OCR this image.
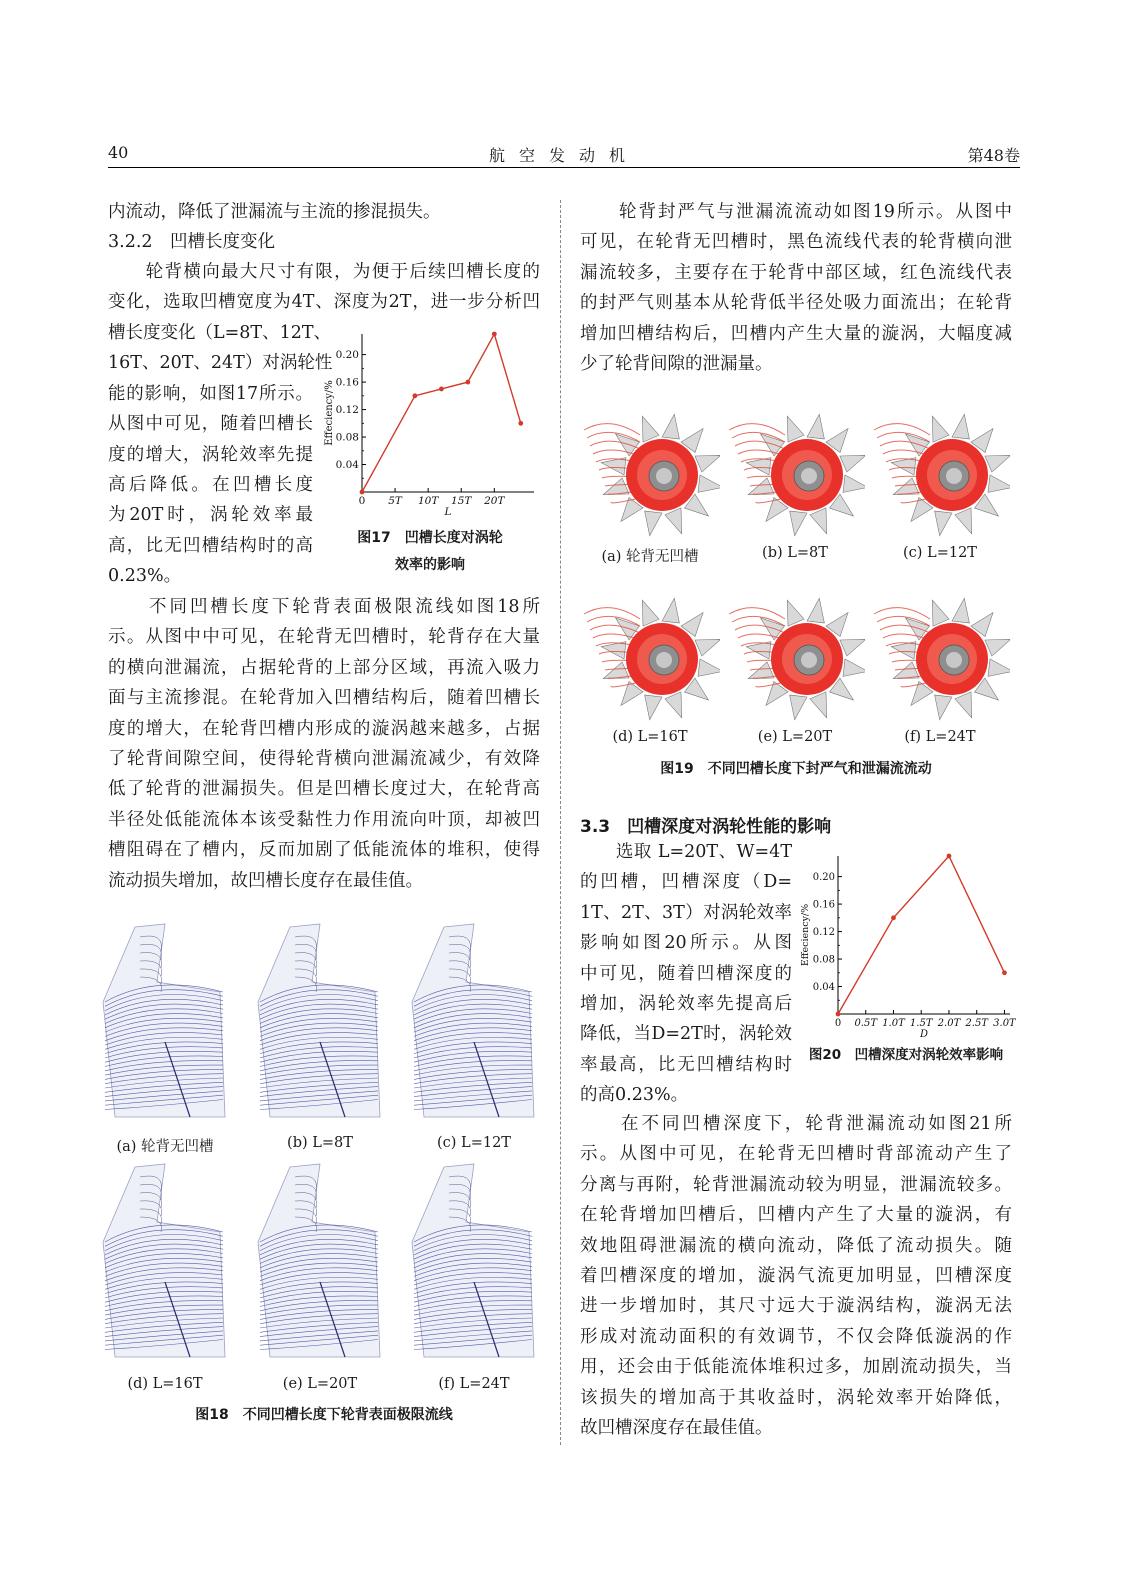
40	航空发动机	第48卷
内流动，降低了泄漏流与主流的掺混损失。
3.2.2　凹槽长度变化
　　轮背横向最大尺寸有限，为便于后续凹槽长度的
变化，选取凹槽宽度为4T、深度为2T，进一步分析凹
槽长度变化（L=8T、12T、
16T、20T、24T）对涡轮性
能的影响，如图17所示。
从图中可见，随着凹槽长
度的增大，涡轮效率先提
高后降低。在凹槽长度
为20T时，涡轮效率最
高，比无凹槽结构时的高
0.23%。
0.04
0.08
0.12
0.16
0.20
0 5T 10T 15T 20T
L
Effeciency/%
图17　凹槽长度对涡轮
效率的影响
　　不同凹槽长度下轮背表面极限流线如图18所
示。从图中中可见，在轮背无凹槽时，轮背存在大量
的横向泄漏流，占据轮背的上部分区域，再流入吸力
面与主流掺混。在轮背加入凹槽结构后，随着凹槽长
度的增大，在轮背凹槽内形成的漩涡越来越多，占据
了轮背间隙空间，使得轮背横向泄漏流减少，有效降
低了轮背的泄漏损失。但是凹槽长度过大，在轮背高
半径处低能流体本该受黏性力作用流向叶顶，却被凹
槽阻碍在了槽内，反而加剧了低能流体的堆积，使得
流动损失增加，故凹槽长度存在最佳值。
(a) 轮背无凹槽	(b) L=8T	(c) L=12T
(d) L=16T	(e) L=20T	(f) L=24T
图18　不同凹槽长度下轮背表面极限流线
　　轮背封严气与泄漏流流动如图19所示。从图中
可见，在轮背无凹槽时，黑色流线代表的轮背横向泄
漏流较多，主要存在于轮背中部区域，红色流线代表
的封严气则基本从轮背低半径处吸力面流出；在轮背
增加凹槽结构后，凹槽内产生大量的漩涡，大幅度减
少了轮背间隙的泄漏量。
(a) 轮背无凹槽	(b) L=8T	(c) L=12T
(d) L=16T	(e) L=20T	(f) L=24T
图19　不同凹槽长度下封严气和泄漏流流动
3.3　凹槽深度对涡轮性能的影响
　　选取 L=20T、W=4T
的凹槽，凹槽深度（D=
1T、2T、3T）对涡轮效率
影响如图20所示。从图
中可见，随着凹槽深度的
增加，涡轮效率先提高后
降低，当D=2T时，涡轮效
率最高，比无凹槽结构时
的高0.23%。
0.04
0.08
0.12
0.16
0.20
0 0.5T 1.0T 1.5T 2.0T 2.5T 3.0T
D
Effeciency/%
图20　凹槽深度对涡轮效率影响
　　在不同凹槽深度下，轮背泄漏流动如图21所
示。从图中可见，在轮背无凹槽时背部流动产生了
分离与再附，轮背泄漏流动较为明显，泄漏流较多。
在轮背增加凹槽后，凹槽内产生了大量的漩涡，有
效地阻碍泄漏流的横向流动，降低了流动损失。随
着凹槽深度的增加，漩涡气流更加明显，凹槽深度
进一步增加时，其尺寸远大于漩涡结构，漩涡无法
形成对流动面积的有效调节，不仅会降低漩涡的作
用，还会由于低能流体堆积过多，加剧流动损失，当
该损失的增加高于其收益时，涡轮效率开始降低，
故凹槽深度存在最佳值。
